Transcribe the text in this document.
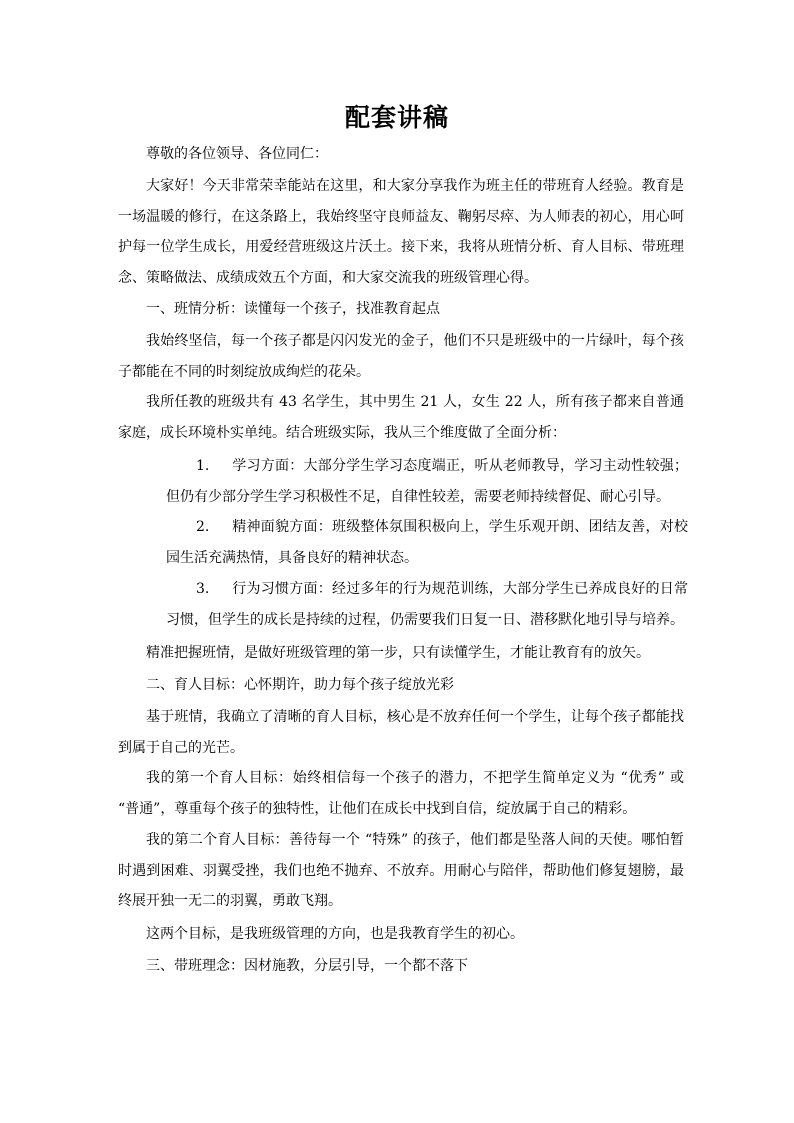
配套讲稿

尊敬的各位领导、各位同仁：

大家好！今天非常荣幸能站在这里，和大家分享我作为班主任的带班育人经验。教育是一场温暖的修行，在这条路上，我始终坚守良师益友、鞠躬尽瘁、为人师表的初心，用心呵护每一位学生成长，用爱经营班级这片沃土。接下来，我将从班情分析、育人目标、带班理念、策略做法、成绩成效五个方面，和大家交流我的班级管理心得。

一、班情分析：读懂每一个孩子，找准教育起点

我始终坚信，每一个孩子都是闪闪发光的金子，他们不只是班级中的一片绿叶，每个孩子都能在不同的时刻绽放成绚烂的花朵。

我所任教的班级共有 43 名学生，其中男生 21 人，女生 22 人，所有孩子都来自普通家庭，成长环境朴实单纯。结合班级实际，我从三个维度做了全面分析：

1. 学习方面：大部分学生学习态度端正，听从老师教导，学习主动性较强；但仍有少部分学生学习积极性不足，自律性较差，需要老师持续督促、耐心引导。

2. 精神面貌方面：班级整体氛围积极向上，学生乐观开朗、团结友善，对校园生活充满热情，具备良好的精神状态。

3. 行为习惯方面：经过多年的行为规范训练，大部分学生已养成良好的日常习惯，但学生的成长是持续的过程，仍需要我们日复一日、潜移默化地引导与培养。

精准把握班情，是做好班级管理的第一步，只有读懂学生，才能让教育有的放矢。

二、育人目标：心怀期许，助力每个孩子绽放光彩

基于班情，我确立了清晰的育人目标，核心是不放弃任何一个学生，让每个孩子都能找到属于自己的光芒。

我的第一个育人目标：始终相信每一个孩子的潜力，不把学生简单定义为 “优秀” 或 “普通”，尊重每个孩子的独特性，让他们在成长中找到自信，绽放属于自己的精彩。

我的第二个育人目标：善待每一个 “特殊” 的孩子，他们都是坠落人间的天使。哪怕暂时遇到困难、羽翼受挫，我们也绝不抛弃、不放弃。用耐心与陪伴，帮助他们修复翅膀，最终展开独一无二的羽翼，勇敢飞翔。

这两个目标，是我班级管理的方向，也是我教育学生的初心。

三、带班理念：因材施教，分层引导，一个都不落下
